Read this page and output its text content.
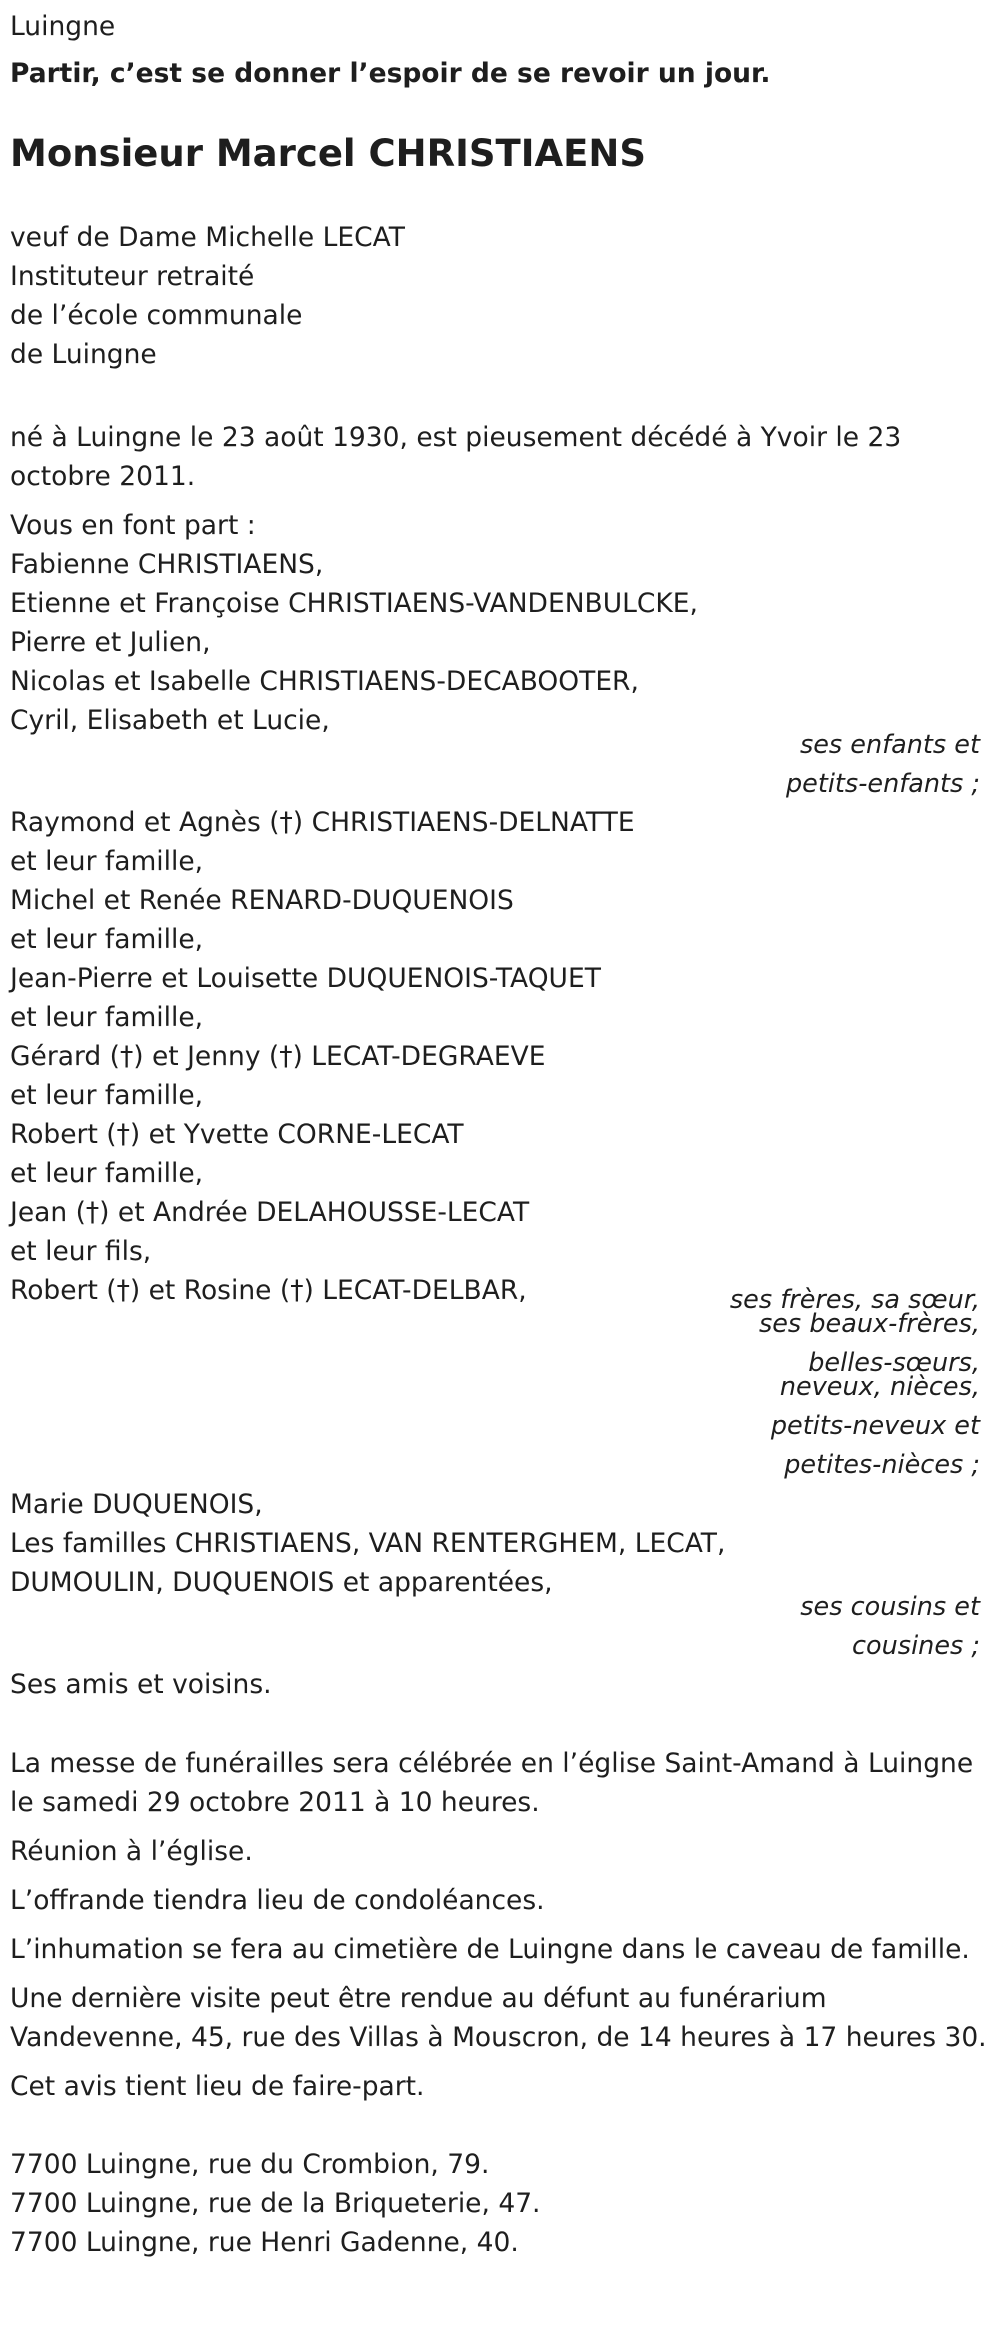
Luingne
Partir, c’est se donner l’espoir de se revoir un jour.
Monsieur Marcel CHRISTIAENS
veuf de Dame Michelle LECAT
Instituteur retraité
de l’école communale
de Luingne
né à Luingne le 23 août 1930, est pieusement décédé à Yvoir le 23
octobre 2011.
Vous en font part :
Fabienne CHRISTIAENS,
Etienne et Françoise CHRISTIAENS-VANDENBULCKE,
Pierre et Julien,
Nicolas et Isabelle CHRISTIAENS-DECABOOTER,
Cyril, Elisabeth et Lucie,
ses enfants et
petits-enfants ;
Raymond et Agnès (†) CHRISTIAENS-DELNATTE
et leur famille,
Michel et Renée RENARD-DUQUENOIS
et leur famille,
Jean-Pierre et Louisette DUQUENOIS-TAQUET
et leur famille,
Gérard (†) et Jenny (†) LECAT-DEGRAEVE
et leur famille,
Robert (†) et Yvette CORNE-LECAT
et leur famille,
Jean (†) et Andrée DELAHOUSSE-LECAT
et leur fils,
Robert (†) et Rosine (†) LECAT-DELBAR,	ses frères, sa sœur,
ses beaux-frères,
belles-sœurs,
neveux, nièces,
petits-neveux et
petites-nièces ;
Marie DUQUENOIS,
Les familles CHRISTIAENS, VAN RENTERGHEM, LECAT,
DUMOULIN, DUQUENOIS et apparentées,
ses cousins et
cousines ;
Ses amis et voisins.
La messe de funérailles sera célébrée en l’église Saint-Amand à Luingne
le samedi 29 octobre 2011 à 10 heures.
Réunion à l’église.
L’offrande tiendra lieu de condoléances.
L’inhumation se fera au cimetière de Luingne dans le caveau de famille.
Une dernière visite peut être rendue au défunt au funérarium
Vandevenne, 45, rue des Villas à Mouscron, de 14 heures à 17 heures 30.
Cet avis tient lieu de faire-part.
7700 Luingne, rue du Crombion, 79.
7700 Luingne, rue de la Briqueterie, 47.
7700 Luingne, rue Henri Gadenne, 40.
